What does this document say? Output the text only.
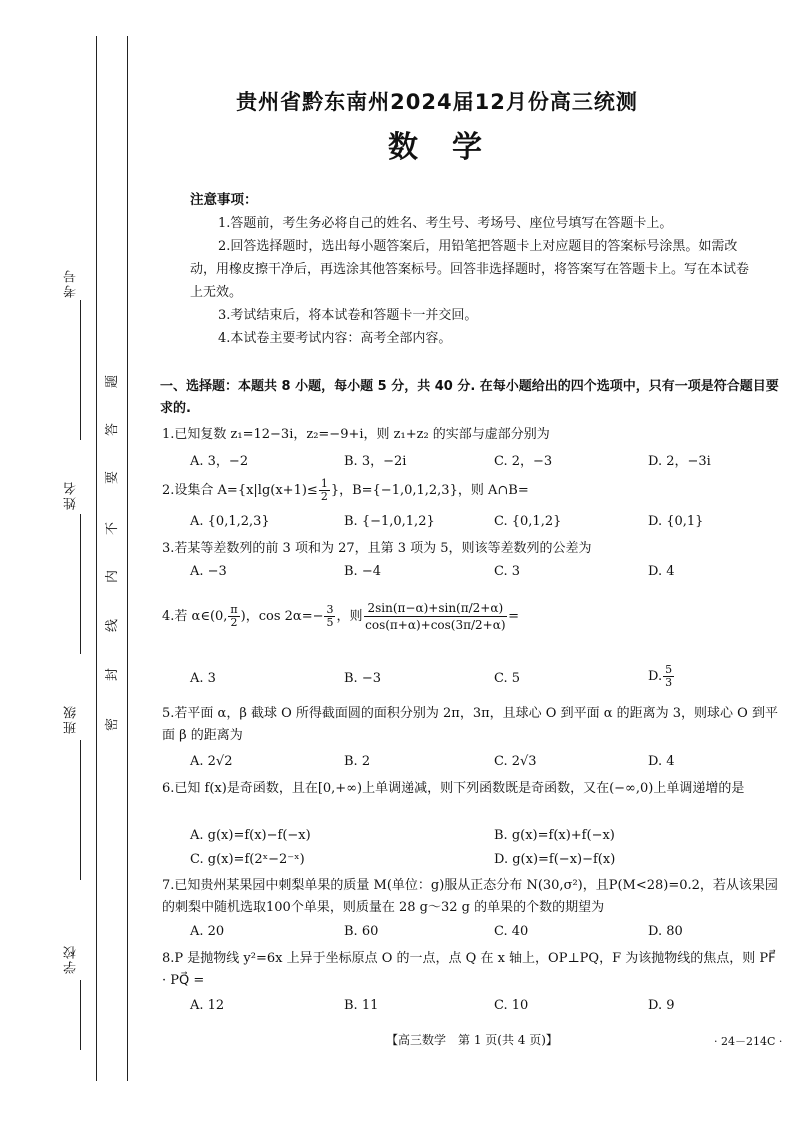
考号
姓名
班级
学校
题
答
要
不
内
线
封
密
贵州省黔东南州2024届12月份高三统测
数学
注意事项：
1.答题前，考生务必将自己的姓名、考生号、考场号、座位号填写在答题卡上。
2.回答选择题时，选出每小题答案后，用铅笔把答题卡上对应题目的答案标号涂黑。如需改动，用橡皮擦干净后，再选涂其他答案标号。回答非选择题时，将答案写在答题卡上。写在本试卷上无效。
3.考试结束后，将本试卷和答题卡一并交回。
4.本试卷主要考试内容：高考全部内容。
一、选择题：本题共 8 小题，每小题 5 分，共 40 分. 在每小题给出的四个选项中，只有一项是符合题目要求的.
1.已知复数 z₁=12−3i，z₂=−9+i，则 z₁+z₂ 的实部与虚部分别为
A. 3，−2	B. 3，−2i	C. 2，−3	D. 2，−3i
2.设集合 $A=\{x|\lg(x+1)\le \frac{1}{2}$ }，B={−1,0,1,2,3}，则 A∩B=
A. {0,1,2,3}	B. {−1,0,1,2}	C. {0,1,2}	D. {0,1}
3.若某等差数列的前 3 项和为 27，且第 3 项为 5，则该等差数列的公差为
A. −3	B. −4	C. 3	D. 4
4.若 α∈(0, $\frac{\pi}{2}$ )，$\cos 2\alpha=- \frac{3}{5}$ ，则 $\frac{2\sin(\pi-\alpha)+\sin(\pi/2+\alpha)}{\cos(\pi+\alpha)+\cos(3\pi/2+\alpha)}$ =
A. 3	B. −3	C. 5	D. $\frac{5}{3}$
5.若平面 α，β 截球 O 所得截面圆的面积分别为 2π，3π，且球心 O 到平面 α 的距离为 3，则球心 O 到平面 β 的距离为
A. 2√2	B. 2	C. 2√3	D. 4
6.已知 f(x)是奇函数，且在[0,+∞)上单调递减，则下列函数既是奇函数，又在(−∞,0)上单调递增的是
A. g(x)=f(x)−f(−x)	B. g(x)=f(x)+f(−x)
C. g(x)=f(2ˣ−2⁻ˣ)	D. g(x)=f(−x)−f(x)
7.已知贵州某果园中刺梨单果的质量 M(单位：g)服从正态分布 N(30,σ²)，且P(M<28)=0.2，若从该果园的刺梨中随机选取100个单果，则质量在 28 g～32 g 的单果的个数的期望为
A. 20	B. 60	C. 40	D. 80
8.P 是抛物线 y²=6x 上异于坐标原点 O 的一点，点 Q 在 x 轴上，OP⊥PQ，F 为该抛物线的焦点，则 PF⃗ · PQ⃗ =
A. 12	B. 11	C. 10	D. 9
【高三数学　第 1 页(共 4 页)】	· 24－214C ·
